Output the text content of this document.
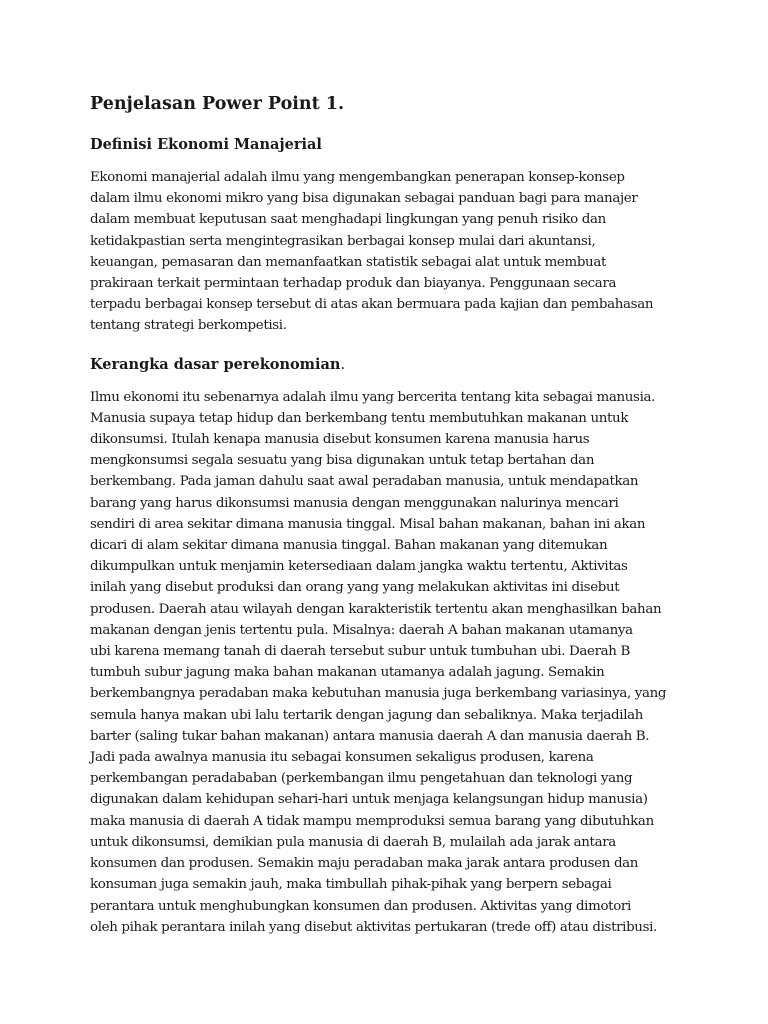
Penjelasan Power Point 1.
Definisi Ekonomi Manajerial
Ekonomi manajerial adalah ilmu yang mengembangkan penerapan konsep-konsep
dalam ilmu ekonomi mikro yang bisa digunakan sebagai panduan bagi para manajer
dalam membuat keputusan saat menghadapi lingkungan yang penuh risiko dan
ketidakpastian serta mengintegrasikan berbagai konsep mulai dari akuntansi,
keuangan, pemasaran dan memanfaatkan statistik sebagai alat untuk membuat
prakiraan terkait permintaan terhadap produk dan biayanya. Penggunaan secara
terpadu berbagai konsep tersebut di atas akan bermuara pada kajian dan pembahasan
tentang strategi berkompetisi.
Kerangka dasar perekonomian.
Ilmu ekonomi itu sebenarnya adalah ilmu yang bercerita tentang kita sebagai manusia.
Manusia supaya tetap hidup dan berkembang tentu membutuhkan makanan untuk
dikonsumsi. Itulah kenapa manusia disebut konsumen karena manusia harus
mengkonsumsi segala sesuatu yang bisa digunakan untuk tetap bertahan dan
berkembang. Pada jaman dahulu saat awal peradaban manusia, untuk mendapatkan
barang yang harus dikonsumsi manusia dengan menggunakan nalurinya mencari
sendiri di area sekitar dimana manusia tinggal. Misal bahan makanan, bahan ini akan
dicari di alam sekitar dimana manusia tinggal. Bahan makanan yang ditemukan
dikumpulkan untuk menjamin ketersediaan dalam jangka waktu tertentu, Aktivitas
inilah yang disebut produksi dan orang yang yang melakukan aktivitas ini disebut
produsen. Daerah atau wilayah dengan karakteristik tertentu akan menghasilkan bahan
makanan dengan jenis tertentu pula. Misalnya: daerah A bahan makanan utamanya
ubi karena memang tanah di daerah tersebut subur untuk tumbuhan ubi. Daerah B
tumbuh subur jagung maka bahan makanan utamanya adalah jagung. Semakin
berkembangnya peradaban maka kebutuhan manusia juga berkembang variasinya, yang
semula hanya makan ubi lalu tertarik dengan jagung dan sebaliknya. Maka terjadilah
barter (saling tukar bahan makanan) antara manusia daerah A dan manusia daerah B.
Jadi pada awalnya manusia itu sebagai konsumen sekaligus produsen, karena
perkembangan peradababan (perkembangan ilmu pengetahuan dan teknologi yang
digunakan dalam kehidupan sehari-hari untuk menjaga kelangsungan hidup manusia)
maka manusia di daerah A tidak mampu memproduksi semua barang yang dibutuhkan
untuk dikonsumsi, demikian pula manusia di daerah B, mulailah ada jarak antara
konsumen dan produsen. Semakin maju peradaban maka jarak antara produsen dan
konsuman juga semakin jauh, maka timbullah pihak-pihak yang berpern sebagai
perantara untuk menghubungkan konsumen dan produsen. Aktivitas yang dimotori
oleh pihak perantara inilah yang disebut aktivitas pertukaran (trede off) atau distribusi.
